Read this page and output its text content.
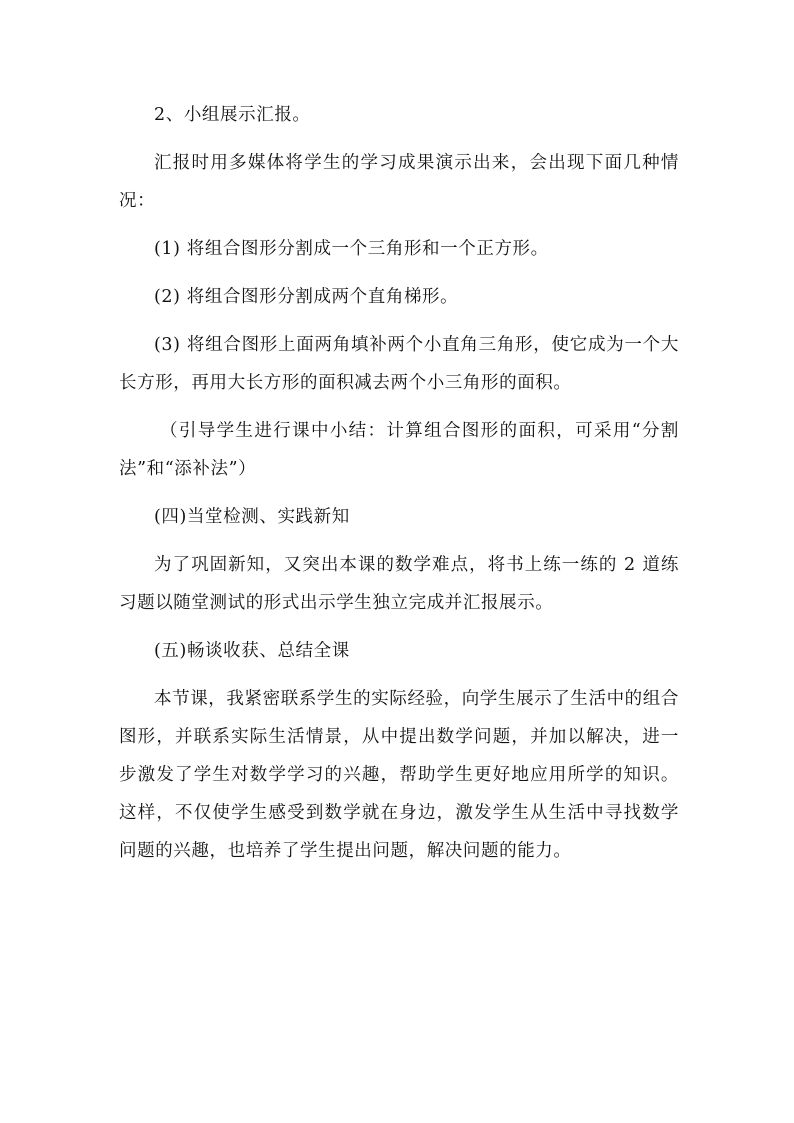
2、小组展示汇报。

汇报时用多媒体将学生的学习成果演示出来，会出现下面几种情况：

(1) 将组合图形分割成一个三角形和一个正方形。

(2) 将组合图形分割成两个直角梯形。

(3) 将组合图形上面两角填补两个小直角三角形，使它成为一个大长方形，再用大长方形的面积减去两个小三角形的面积。

（引导学生进行课中小结：计算组合图形的面积，可采用“分割法”和“添补法”）

(四)当堂检测、实践新知

为了巩固新知，又突出本课的数学难点，将书上练一练的 2 道练习题以随堂测试的形式出示学生独立完成并汇报展示。

(五)畅谈收获、总结全课

本节课，我紧密联系学生的实际经验，向学生展示了生活中的组合图形，并联系实际生活情景，从中提出数学问题，并加以解决，进一步激发了学生对数学学习的兴趣，帮助学生更好地应用所学的知识。这样，不仅使学生感受到数学就在身边，激发学生从生活中寻找数学问题的兴趣，也培养了学生提出问题，解决问题的能力。
